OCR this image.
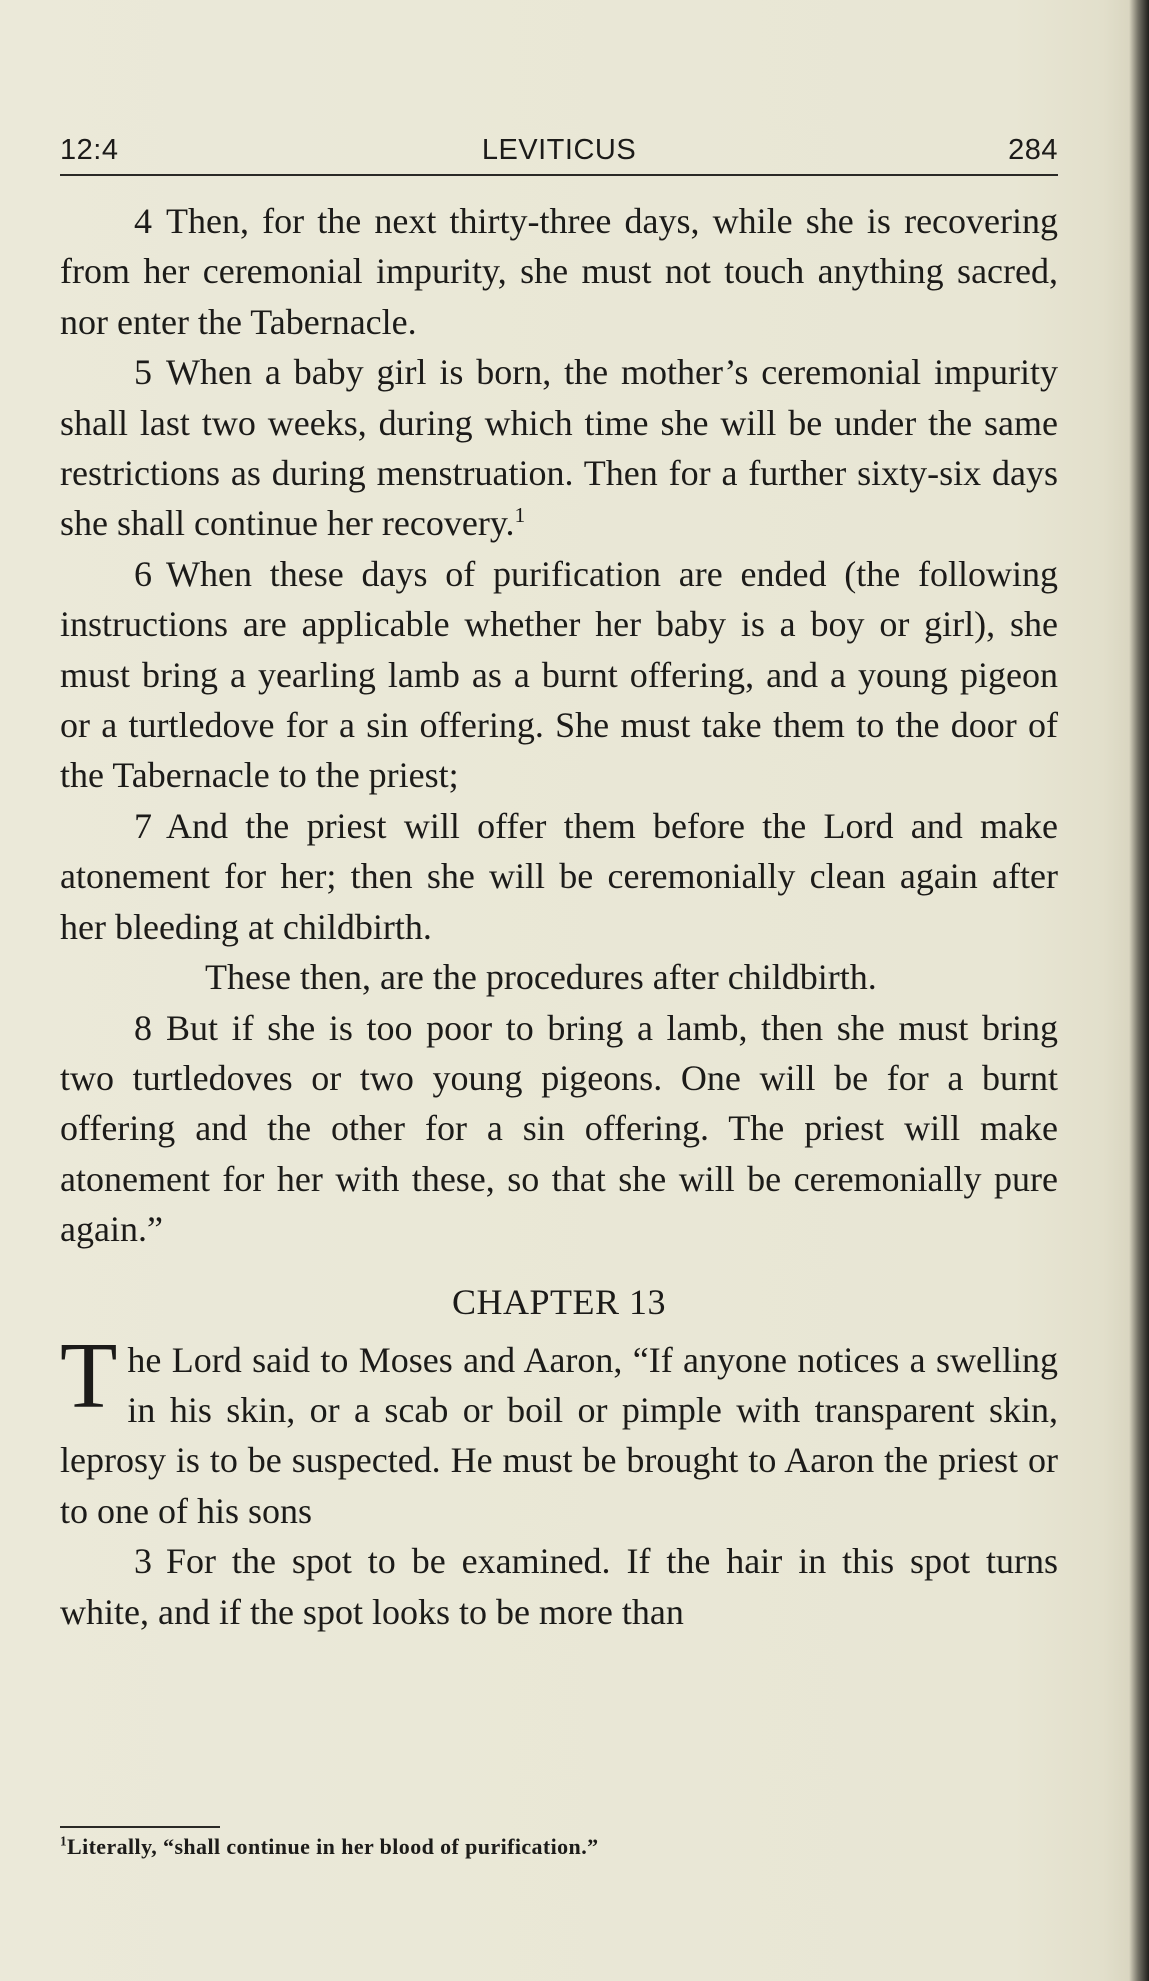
12:4	LEVITICUS	284

4 Then, for the next thirty-three days, while she is recovering from her ceremonial impurity, she must not touch anything sacred, nor enter the Tabernacle.

5 When a baby girl is born, the mother’s ceremonial impurity shall last two weeks, during which time she will be under the same restrictions as during menstruation. Then for a further sixty-six days she shall continue her recovery.$^1$

6 When these days of purification are ended (the following instructions are applicable whether her baby is a boy or girl), she must bring a yearling lamb as a burnt offering, and a young pigeon or a turtledove for a sin offering. She must take them to the door of the Tabernacle to the priest;

7 And the priest will offer them before the Lord and make atonement for her; then she will be ceremonially clean again after her bleeding at childbirth.

These then, are the procedures after childbirth.

8 But if she is too poor to bring a lamb, then she must bring two turtledoves or two young pigeons. One will be for a burnt offering and the other for a sin offering. The priest will make atonement for her with these, so that she will be ceremonially pure again.”

CHAPTER 13

The Lord said to Moses and Aaron, “If anyone notices a swelling in his skin, or a scab or boil or pimple with transparent skin, leprosy is to be suspected. He must be brought to Aaron the priest or to one of his sons

3 For the spot to be examined. If the hair in this spot turns white, and if the spot looks to be more than

$^1$Literally, “shall continue in her blood of purification.”
